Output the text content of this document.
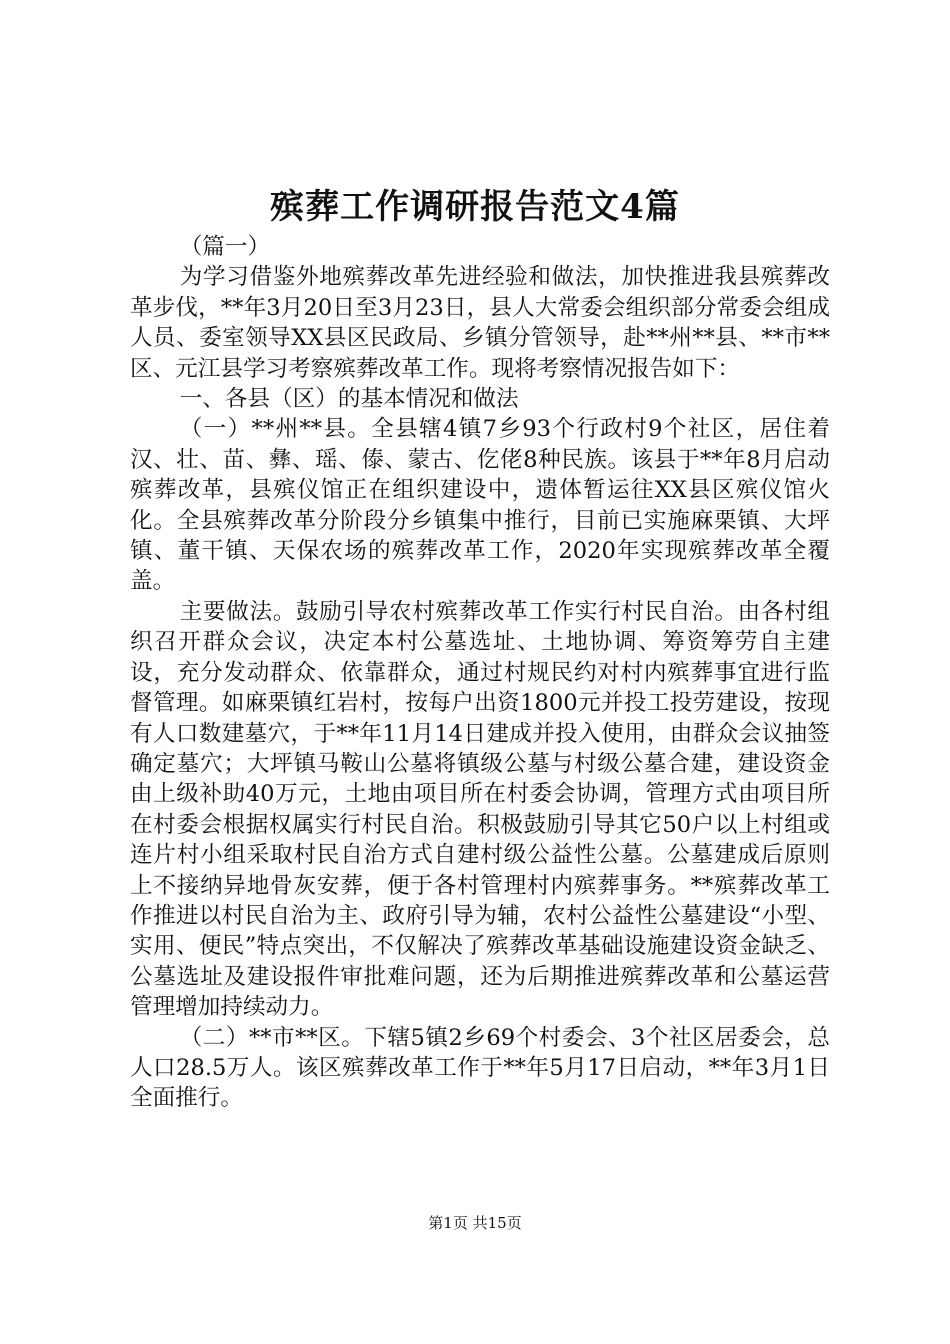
殡葬工作调研报告范文4篇

（篇一）

为学习借鉴外地殡葬改革先进经验和做法，加快推进我县殡葬改革步伐，**年3月20日至3月23日，县人大常委会组织部分常委会组成人员、委室领导XX县区民政局、乡镇分管领导，赴**州**县、**市**区、元江县学习考察殡葬改革工作。现将考察情况报告如下：

一、各县（区）的基本情况和做法

（一）**州**县。全县辖4镇7乡93个行政村9个社区，居住着汉、壮、苗、彝、瑶、傣、蒙古、仡佬8种民族。该县于**年8月启动殡葬改革，县殡仪馆正在组织建设中，遗体暂运往XX县区殡仪馆火化。全县殡葬改革分阶段分乡镇集中推行，目前已实施麻栗镇、大坪镇、董干镇、天保农场的殡葬改革工作，2020年实现殡葬改革全覆盖。

主要做法。鼓励引导农村殡葬改革工作实行村民自治。由各村组织召开群众会议，决定本村公墓选址、土地协调、筹资筹劳自主建设，充分发动群众、依靠群众，通过村规民约对村内殡葬事宜进行监督管理。如麻栗镇红岩村，按每户出资1800元并投工投劳建设，按现有人口数建墓穴，于**年11月14日建成并投入使用，由群众会议抽签确定墓穴；大坪镇马鞍山公墓将镇级公墓与村级公墓合建，建设资金由上级补助40万元，土地由项目所在村委会协调，管理方式由项目所在村委会根据权属实行村民自治。积极鼓励引导其它50户以上村组或连片村小组采取村民自治方式自建村级公益性公墓。公墓建成后原则上不接纳异地骨灰安葬，便于各村管理村内殡葬事务。**殡葬改革工作推进以村民自治为主、政府引导为辅，农村公益性公墓建设“小型、实用、便民”特点突出，不仅解决了殡葬改革基础设施建设资金缺乏、公墓选址及建设报件审批难问题，还为后期推进殡葬改革和公墓运营管理增加持续动力。

（二）**市**区。下辖5镇2乡69个村委会、3个社区居委会，总人口28.5万人。该区殡葬改革工作于**年5月17日启动，**年3月1日全面推行。

第1页 共15页
